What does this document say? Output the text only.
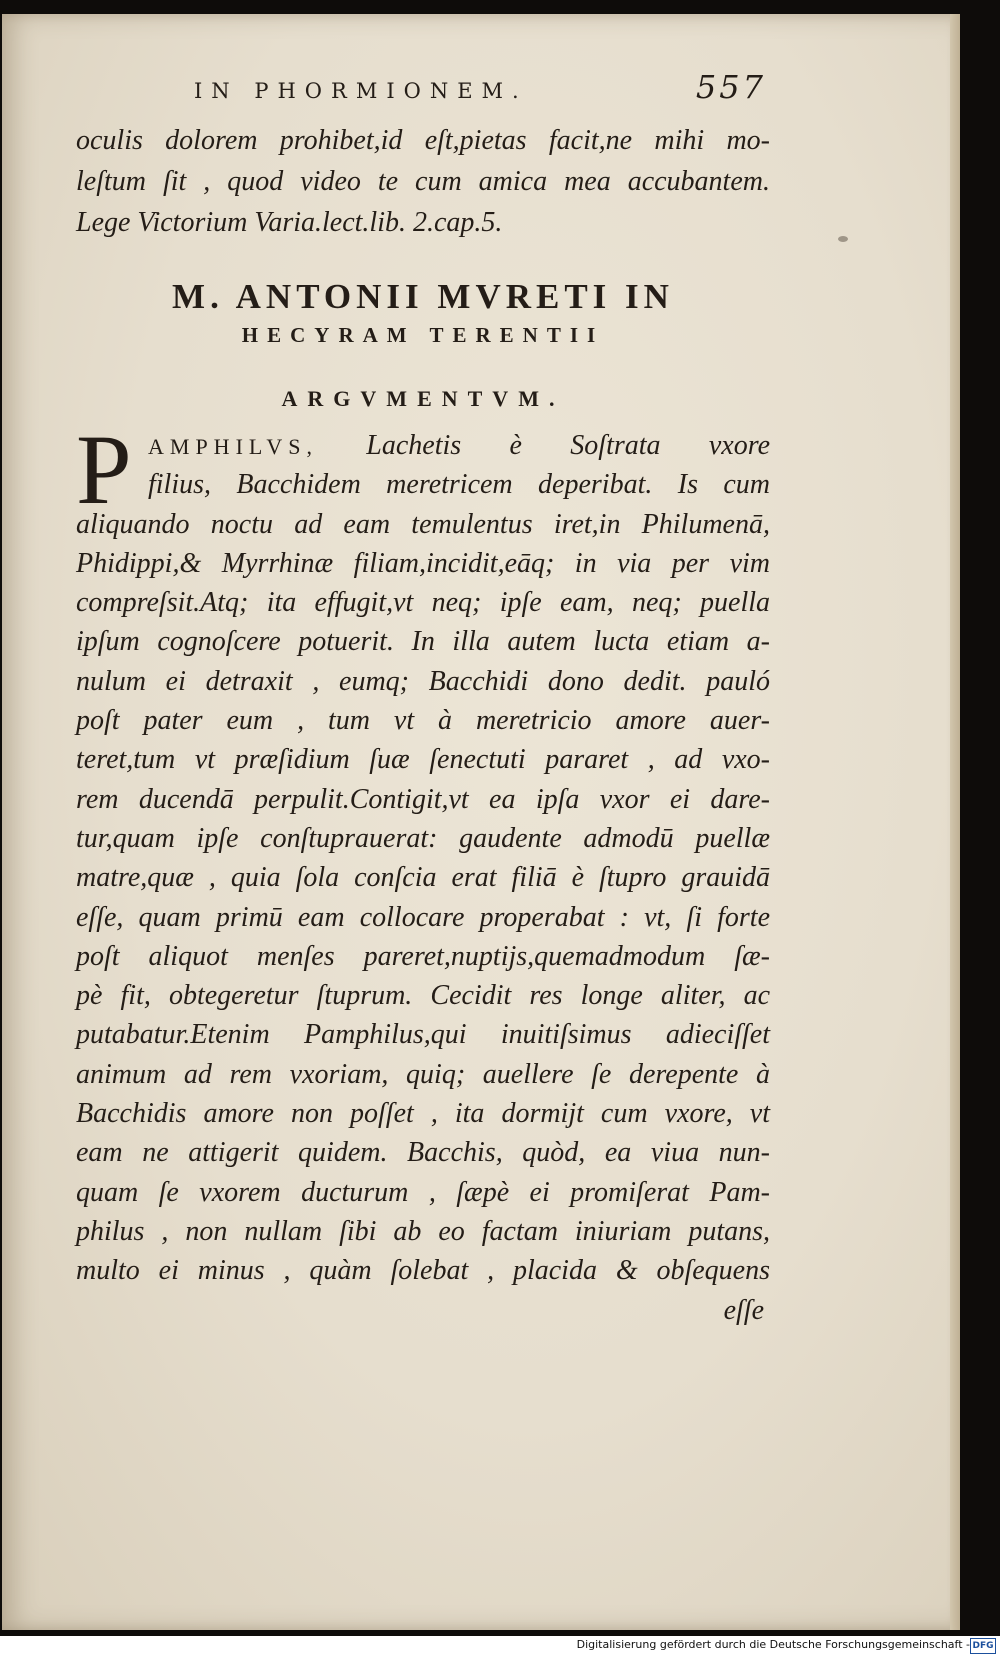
IN PHORMIONEM.	557
oculis dolorem prohibet,id eſt,pietas facit,ne mihi mo-
leſtum ſit , quod video te cum amica mea accubantem.
Lege Victorium Varia.lect.lib. 2.cap.5.
M. ANTONII MVRETI IN
HECYRAM TERENTII
ARGVMENTVM.
P AMPHILVS, Lachetis è Soſtrata vxore
filius, Bacchidem meretricem deperibat. Is cum
aliquando noctu ad eam temulentus iret,in Philumenā,
Phidippi,& Myrrhinæ filiam,incidit,eāq; in via per vim
compreſsit.Atq; ita effugit,vt neq; ipſe eam, neq; puella
ipſum cognoſcere potuerit. In illa autem lucta etiam a-
nulum ei detraxit , eumq; Bacchidi dono dedit. pauló
poſt pater eum , tum vt à meretricio amore auer-
teret,tum vt præſidium ſuæ ſenectuti pararet , ad vxo-
rem ducendā perpulit.Contigit,vt ea ipſa vxor ei dare-
tur,quam ipſe conſtuprauerat: gaudente admodū puellæ
matre,quæ , quia ſola conſcia erat filiā è ſtupro grauidā
eſſe, quam primū eam collocare properabat : vt, ſi forte
poſt aliquot menſes pareret,nuptijs,quemadmodum ſæ-
pè fit, obtegeretur ſtuprum. Cecidit res longe aliter, ac
putabatur.Etenim Pamphilus,qui inuitiſsimus adieciſſet
animum ad rem vxoriam, quiq; auellere ſe derepente à
Bacchidis amore non poſſet , ita dormijt cum vxore, vt
eam ne attigerit quidem. Bacchis, quòd, ea viua nun-
quam ſe vxorem ducturum , ſæpè ei promiſerat Pam-
philus , non nullam ſibi ab eo factam iniuriam putans,
multo ei minus , quàm ſolebat , placida & obſequens
eſſe
Digitalisierung gefördert durch die Deutsche Forschungsgemeinschaft - DFG
